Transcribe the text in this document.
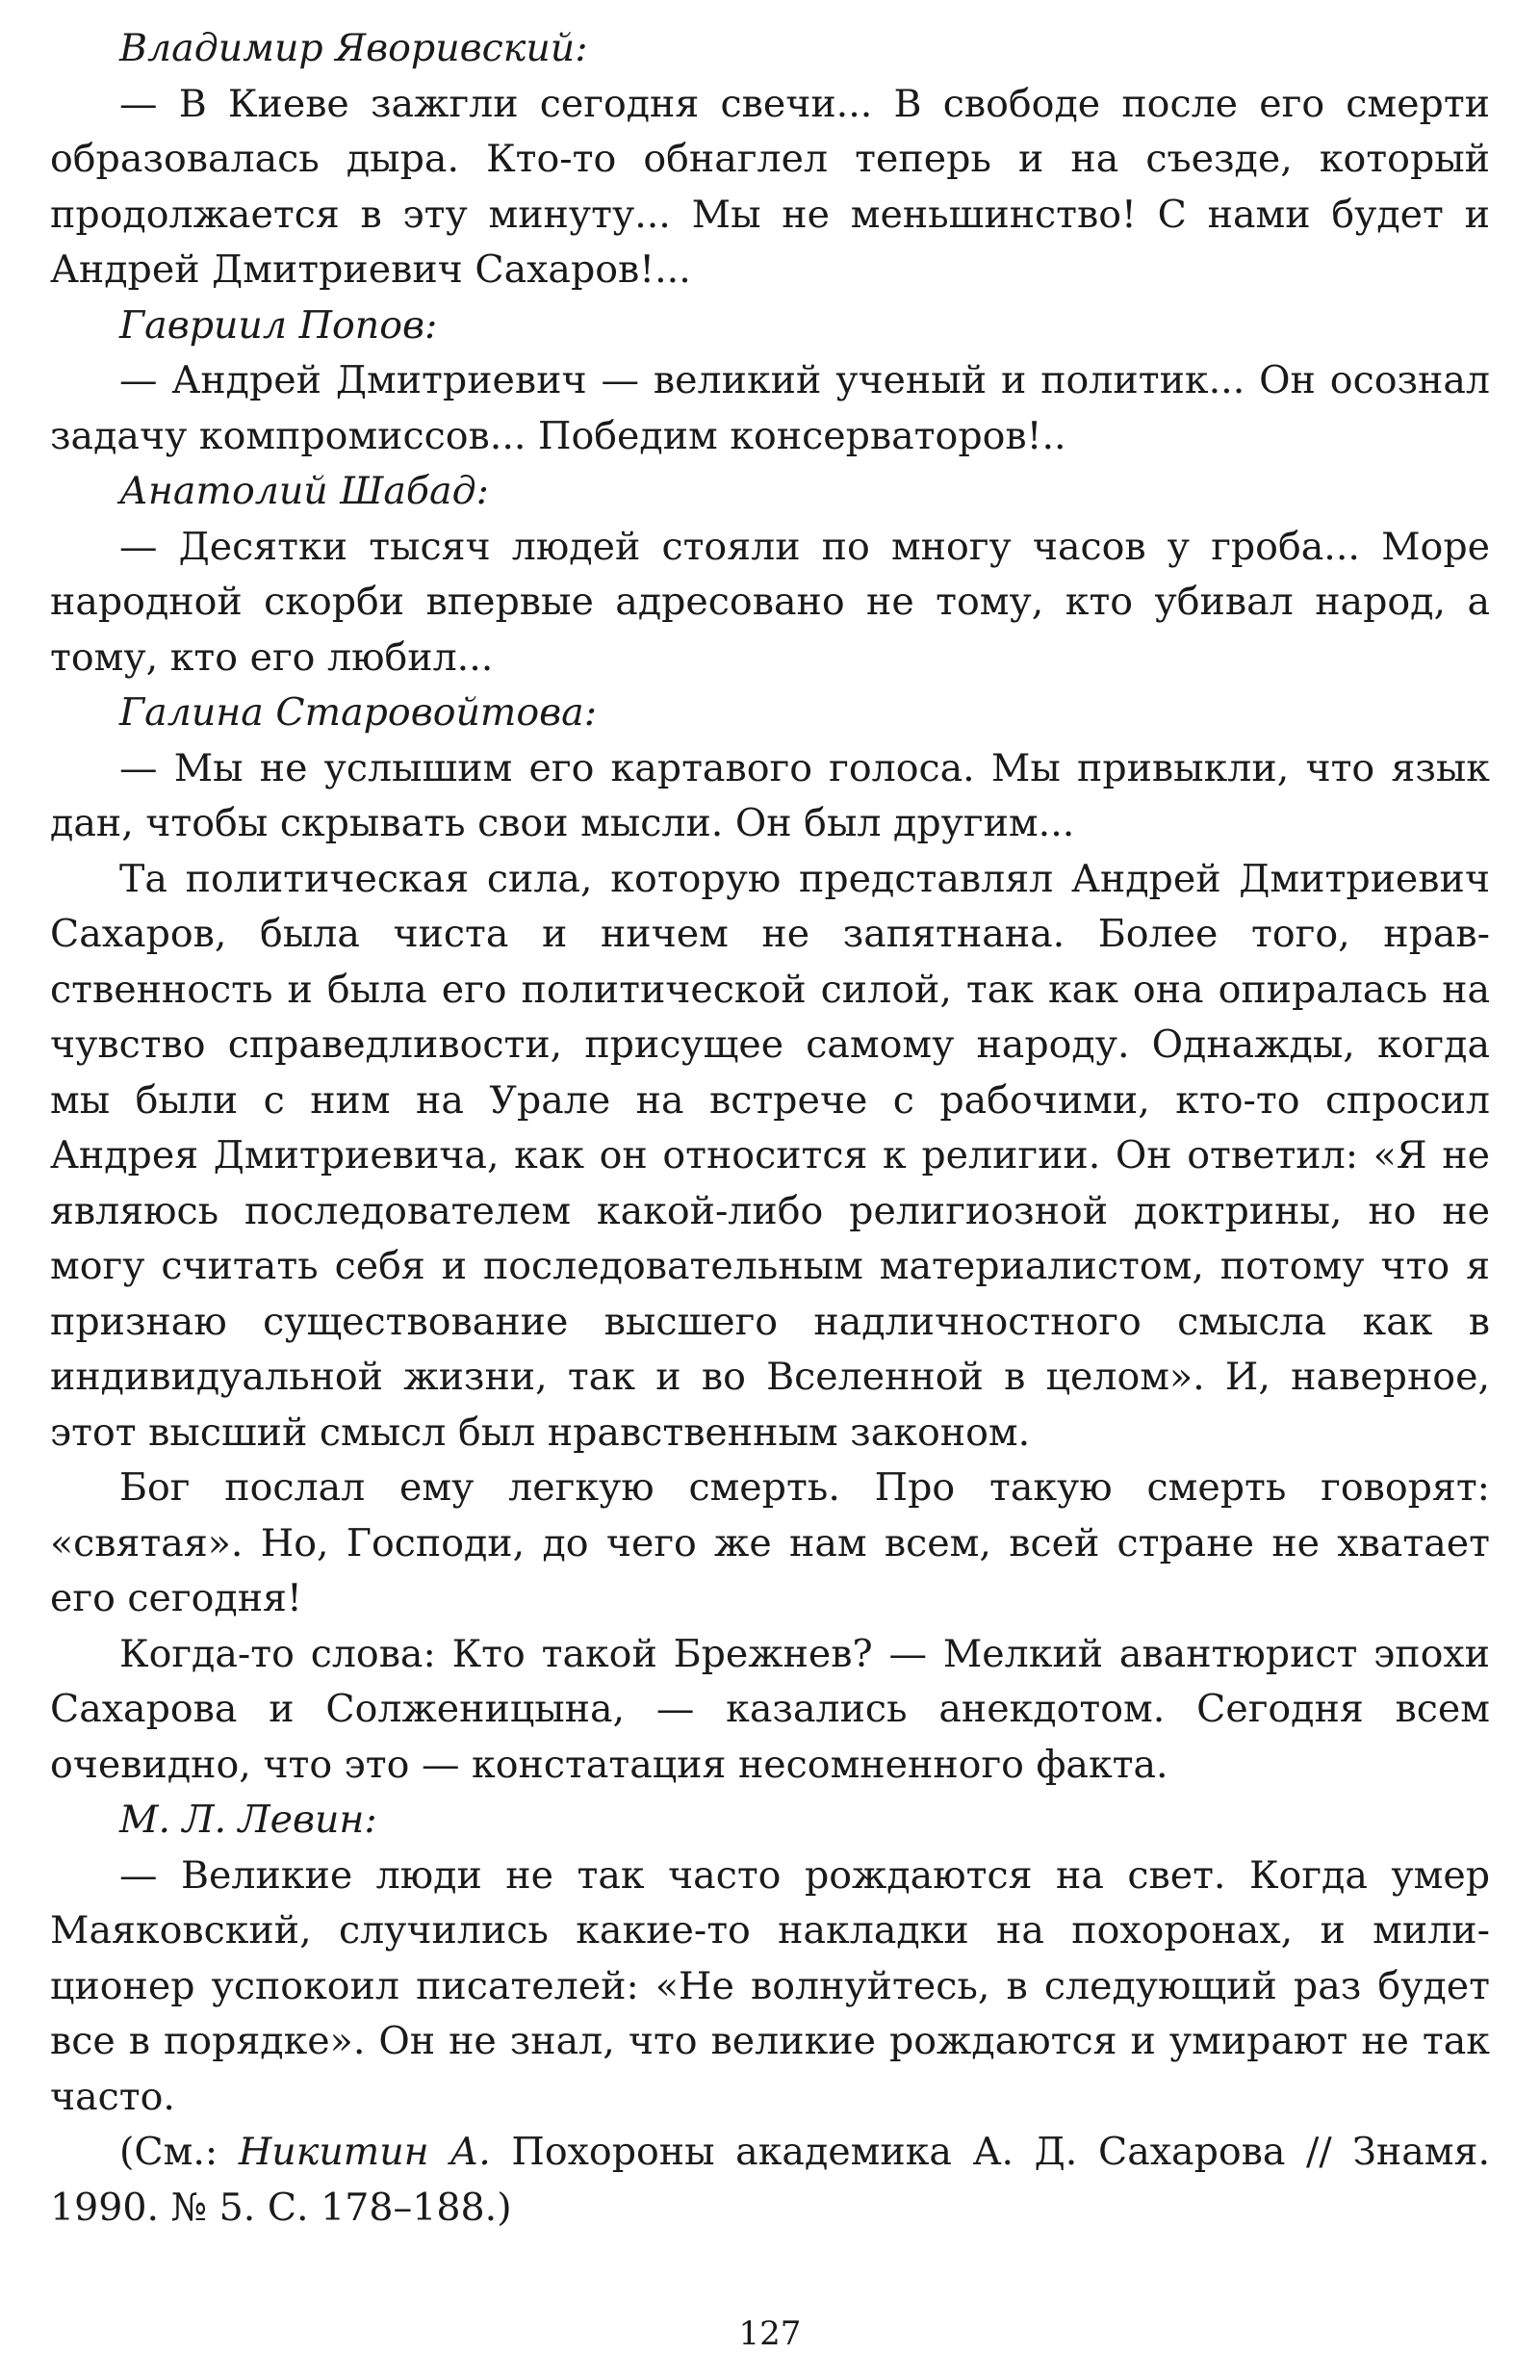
Владимир Яворивский:

— В Киеве зажгли сегодня свечи... В свободе после его смерти образовалась дыра. Кто-то обнаглел теперь и на съезде, который продолжается в эту минуту... Мы не меньшинство! С нами будет и Андрей Дмитриевич Сахаров!...

Гавриил Попов:

— Андрей Дмитриевич — великий ученый и политик... Он осознал задачу компромиссов... Победим консерваторов!..

Анатолий Шабад:

— Десятки тысяч людей стояли по многу часов у гроба... Море народной скорби впервые адресовано не тому, кто убивал народ, а тому, кто его любил...

Галина Старовойтова:

— Мы не услышим его картавого голоса. Мы привыкли, что язык дан, чтобы скрывать свои мысли. Он был другим...

Та политическая сила, которую представлял Андрей Дмитриевич Сахаров, была чиста и ничем не запятнана. Более того, нравственность и была его политической силой, так как она опиралась на чувство справедливости, присущее самому народу. Однажды, когда мы были с ним на Урале на встрече с рабочими, кто-то спросил Андрея Дмитриевича, как он относится к религии. Он ответил: «Я не являюсь последователем какой-либо религиозной доктрины, но не могу считать себя и последовательным материалистом, потому что я признаю существование высшего надличностного смысла как в индивидуальной жизни, так и во Вселенной в целом». И, наверное, этот высший смысл был нравственным законом.

Бог послал ему легкую смерть. Про такую смерть говорят: «святая». Но, Господи, до чего же нам всем, всей стране не хватает его сегодня!

Когда-то слова: Кто такой Брежнев? — Мелкий авантюрист эпохи Сахарова и Солженицына, — казались анекдотом. Сегодня всем очевидно, что это — констатация несомненного факта.

М. Л. Левин:

— Великие люди не так часто рождаются на свет. Когда умер Маяковский, случились какие-то накладки на похоронах, и милиционер успокоил писателей: «Не волнуйтесь, в следующий раз будет все в порядке». Он не знал, что великие рождаются и умирают не так часто.

(См.: Никитин А. Похороны академика А. Д. Сахарова // Знамя. 1990. № 5. С. 178–188.)

127
